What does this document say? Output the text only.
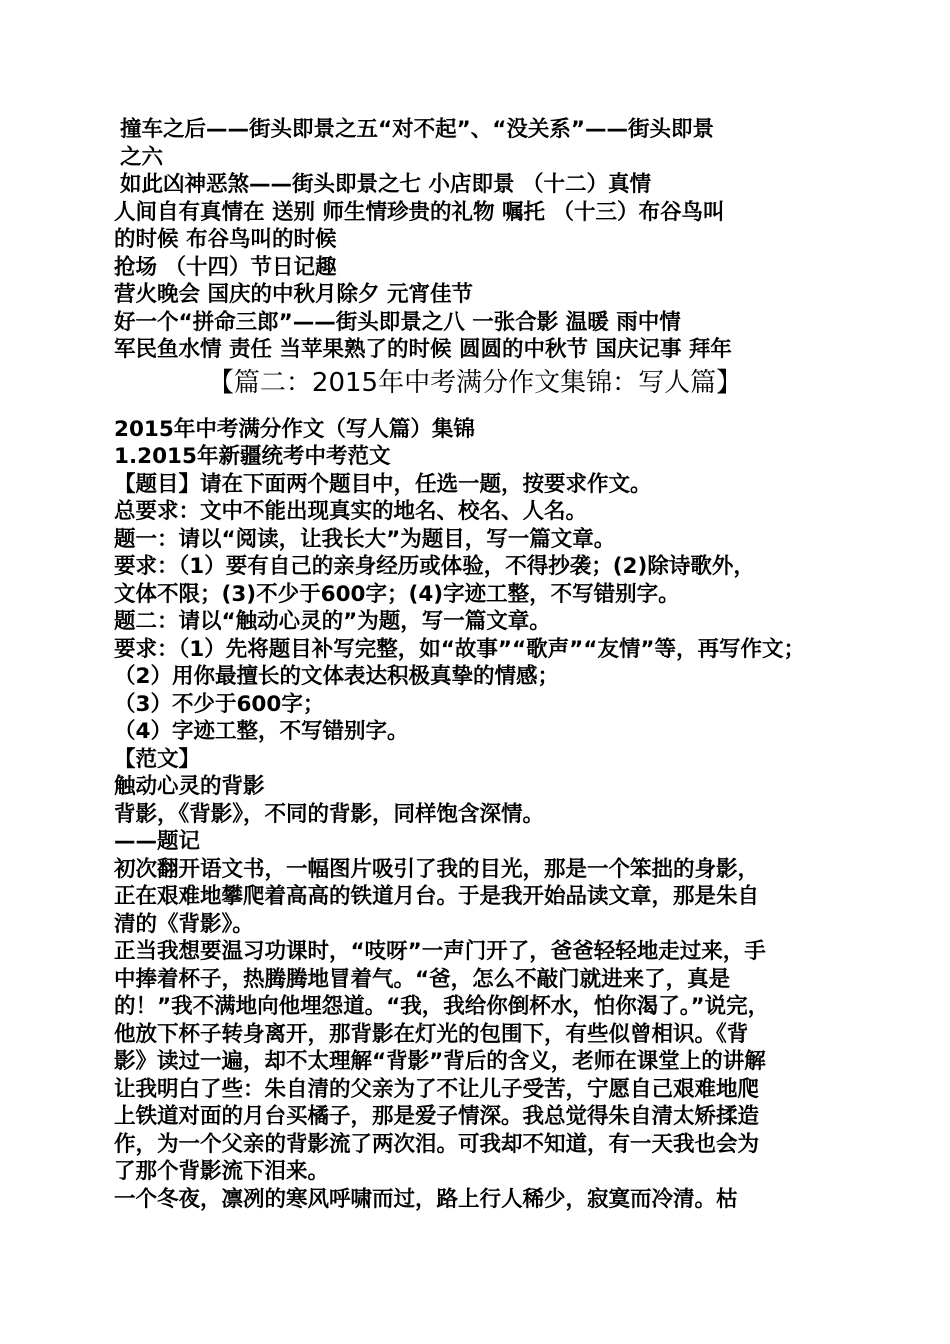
撞车之后——街头即景之五“对不起”、“没关系”——街头即景
之六
如此凶神恶煞——街头即景之七 小店即景 （十二）真情
人间自有真情在 送别 师生情珍贵的礼物 嘱托 （十三）布谷鸟叫
的时候 布谷鸟叫的时候
抢场 （十四）节日记趣
营火晚会 国庆的中秋月除夕 元宵佳节
好一个“拼命三郎”——街头即景之八 一张合影 温暖 雨中情
军民鱼水情 责任 当苹果熟了的时候 圆圆的中秋节 国庆记事 拜年
【篇二：2015年中考满分作文集锦：写人篇】
2015年中考满分作文（写人篇）集锦
1.2015年新疆统考中考范文
【题目】请在下面两个题目中，任选一题，按要求作文。
总要求：文中不能出现真实的地名、校名、人名。
题一：请以“阅读，让我长大”为题目，写一篇文章。
要求：（1）要有自己的亲身经历或体验，不得抄袭；(2)除诗歌外，
文体不限；(3)不少于600字；(4)字迹工整，不写错别字。
题二：请以“触动心灵的”为题，写一篇文章。
要求：（1）先将题目补写完整，如“故事”“歌声”“友情”等，再写作文；
（2）用你最擅长的文体表达积极真挚的情感；
（3）不少于600字；
（4）字迹工整，不写错别字。
【范文】
触动心灵的背影
背影，《背影》，不同的背影，同样饱含深情。
——题记
初次翻开语文书，一幅图片吸引了我的目光，那是一个笨拙的身影，
正在艰难地攀爬着高高的铁道月台。于是我开始品读文章，那是朱自
清的《背影》。
正当我想要温习功课时，“吱呀”一声门开了，爸爸轻轻地走过来，手
中捧着杯子，热腾腾地冒着气。“爸，怎么不敲门就进来了，真是
的！”我不满地向他埋怨道。“我，我给你倒杯水，怕你渴了。”说完，
他放下杯子转身离开，那背影在灯光的包围下，有些似曾相识。《背
影》读过一遍，却不太理解“背影”背后的含义，老师在课堂上的讲解
让我明白了些：朱自清的父亲为了不让儿子受苦，宁愿自己艰难地爬
上铁道对面的月台买橘子，那是爱子情深。我总觉得朱自清太矫揉造
作，为一个父亲的背影流了两次泪。可我却不知道，有一天我也会为
了那个背影流下泪来。
一个冬夜，凛冽的寒风呼啸而过，路上行人稀少，寂寞而冷清。枯
